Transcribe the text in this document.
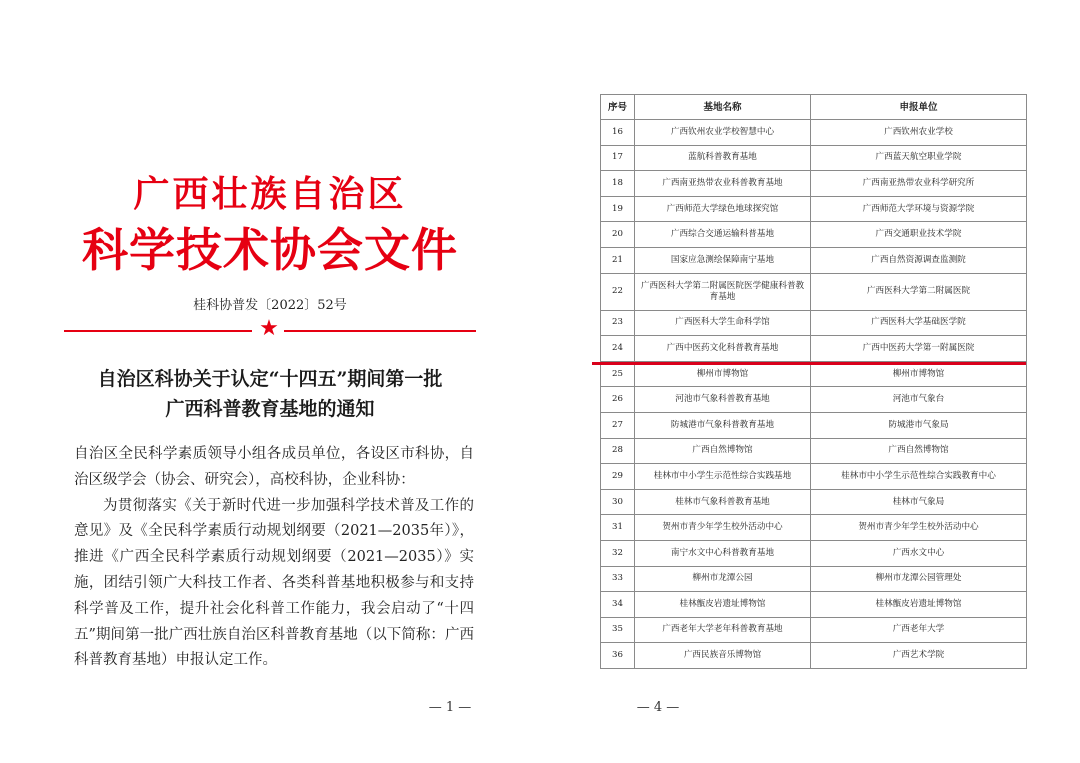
广西壮族自治区
科学技术协会文件
桂科协普发〔2022〕52号
★
自治区科协关于认定“十四五”期间第一批
广西科普教育基地的通知

自治区全民科学素质领导小组各成员单位，各设区市科协，自治区级学会（协会、研究会），高校科协，企业科协：

为贯彻落实《关于新时代进一步加强科学技术普及工作的意见》及《全民科学素质行动规划纲要（2021—2035年）》，推进《广西全民科学素质行动规划纲要（2021—2035）》实施，团结引领广大科技工作者、各类科普基地积极参与和支持科学普及工作，提升社会化科普工作能力，我会启动了“十四五”期间第一批广西壮族自治区科普教育基地（以下简称：广西科普教育基地）申报认定工作。

— 1 —
序号	基地名称	申报单位
16	广西钦州农业学校智慧中心	广西钦州农业学校
17	蓝航科普教育基地	广西蓝天航空职业学院
18	广西南亚热带农业科普教育基地	广西南亚热带农业科学研究所
19	广西师范大学绿色地球探究馆	广西师范大学环境与资源学院
20	广西综合交通运输科普基地	广西交通职业技术学院
21	国家应急测绘保障南宁基地	广西自然资源调查监测院
22	广西医科大学第二附属医院医学健康科普教育基地	广西医科大学第二附属医院
23	广西医科大学生命科学馆	广西医科大学基础医学院
24	广西中医药文化科普教育基地	广西中医药大学第一附属医院
25	柳州市博物馆	柳州市博物馆
26	河池市气象科普教育基地	河池市气象台
27	防城港市气象科普教育基地	防城港市气象局
28	广西自然博物馆	广西自然博物馆
29	桂林市中小学生示范性综合实践基地	桂林市中小学生示范性综合实践教育中心
30	桂林市气象科普教育基地	桂林市气象局
31	贺州市青少年学生校外活动中心	贺州市青少年学生校外活动中心
32	南宁水文中心科普教育基地	广西水文中心
33	柳州市龙潭公园	柳州市龙潭公园管理处
34	桂林甑皮岩遗址博物馆	桂林甑皮岩遗址博物馆
35	广西老年大学老年科普教育基地	广西老年大学
36	广西民族音乐博物馆	广西艺术学院
— 4 —
